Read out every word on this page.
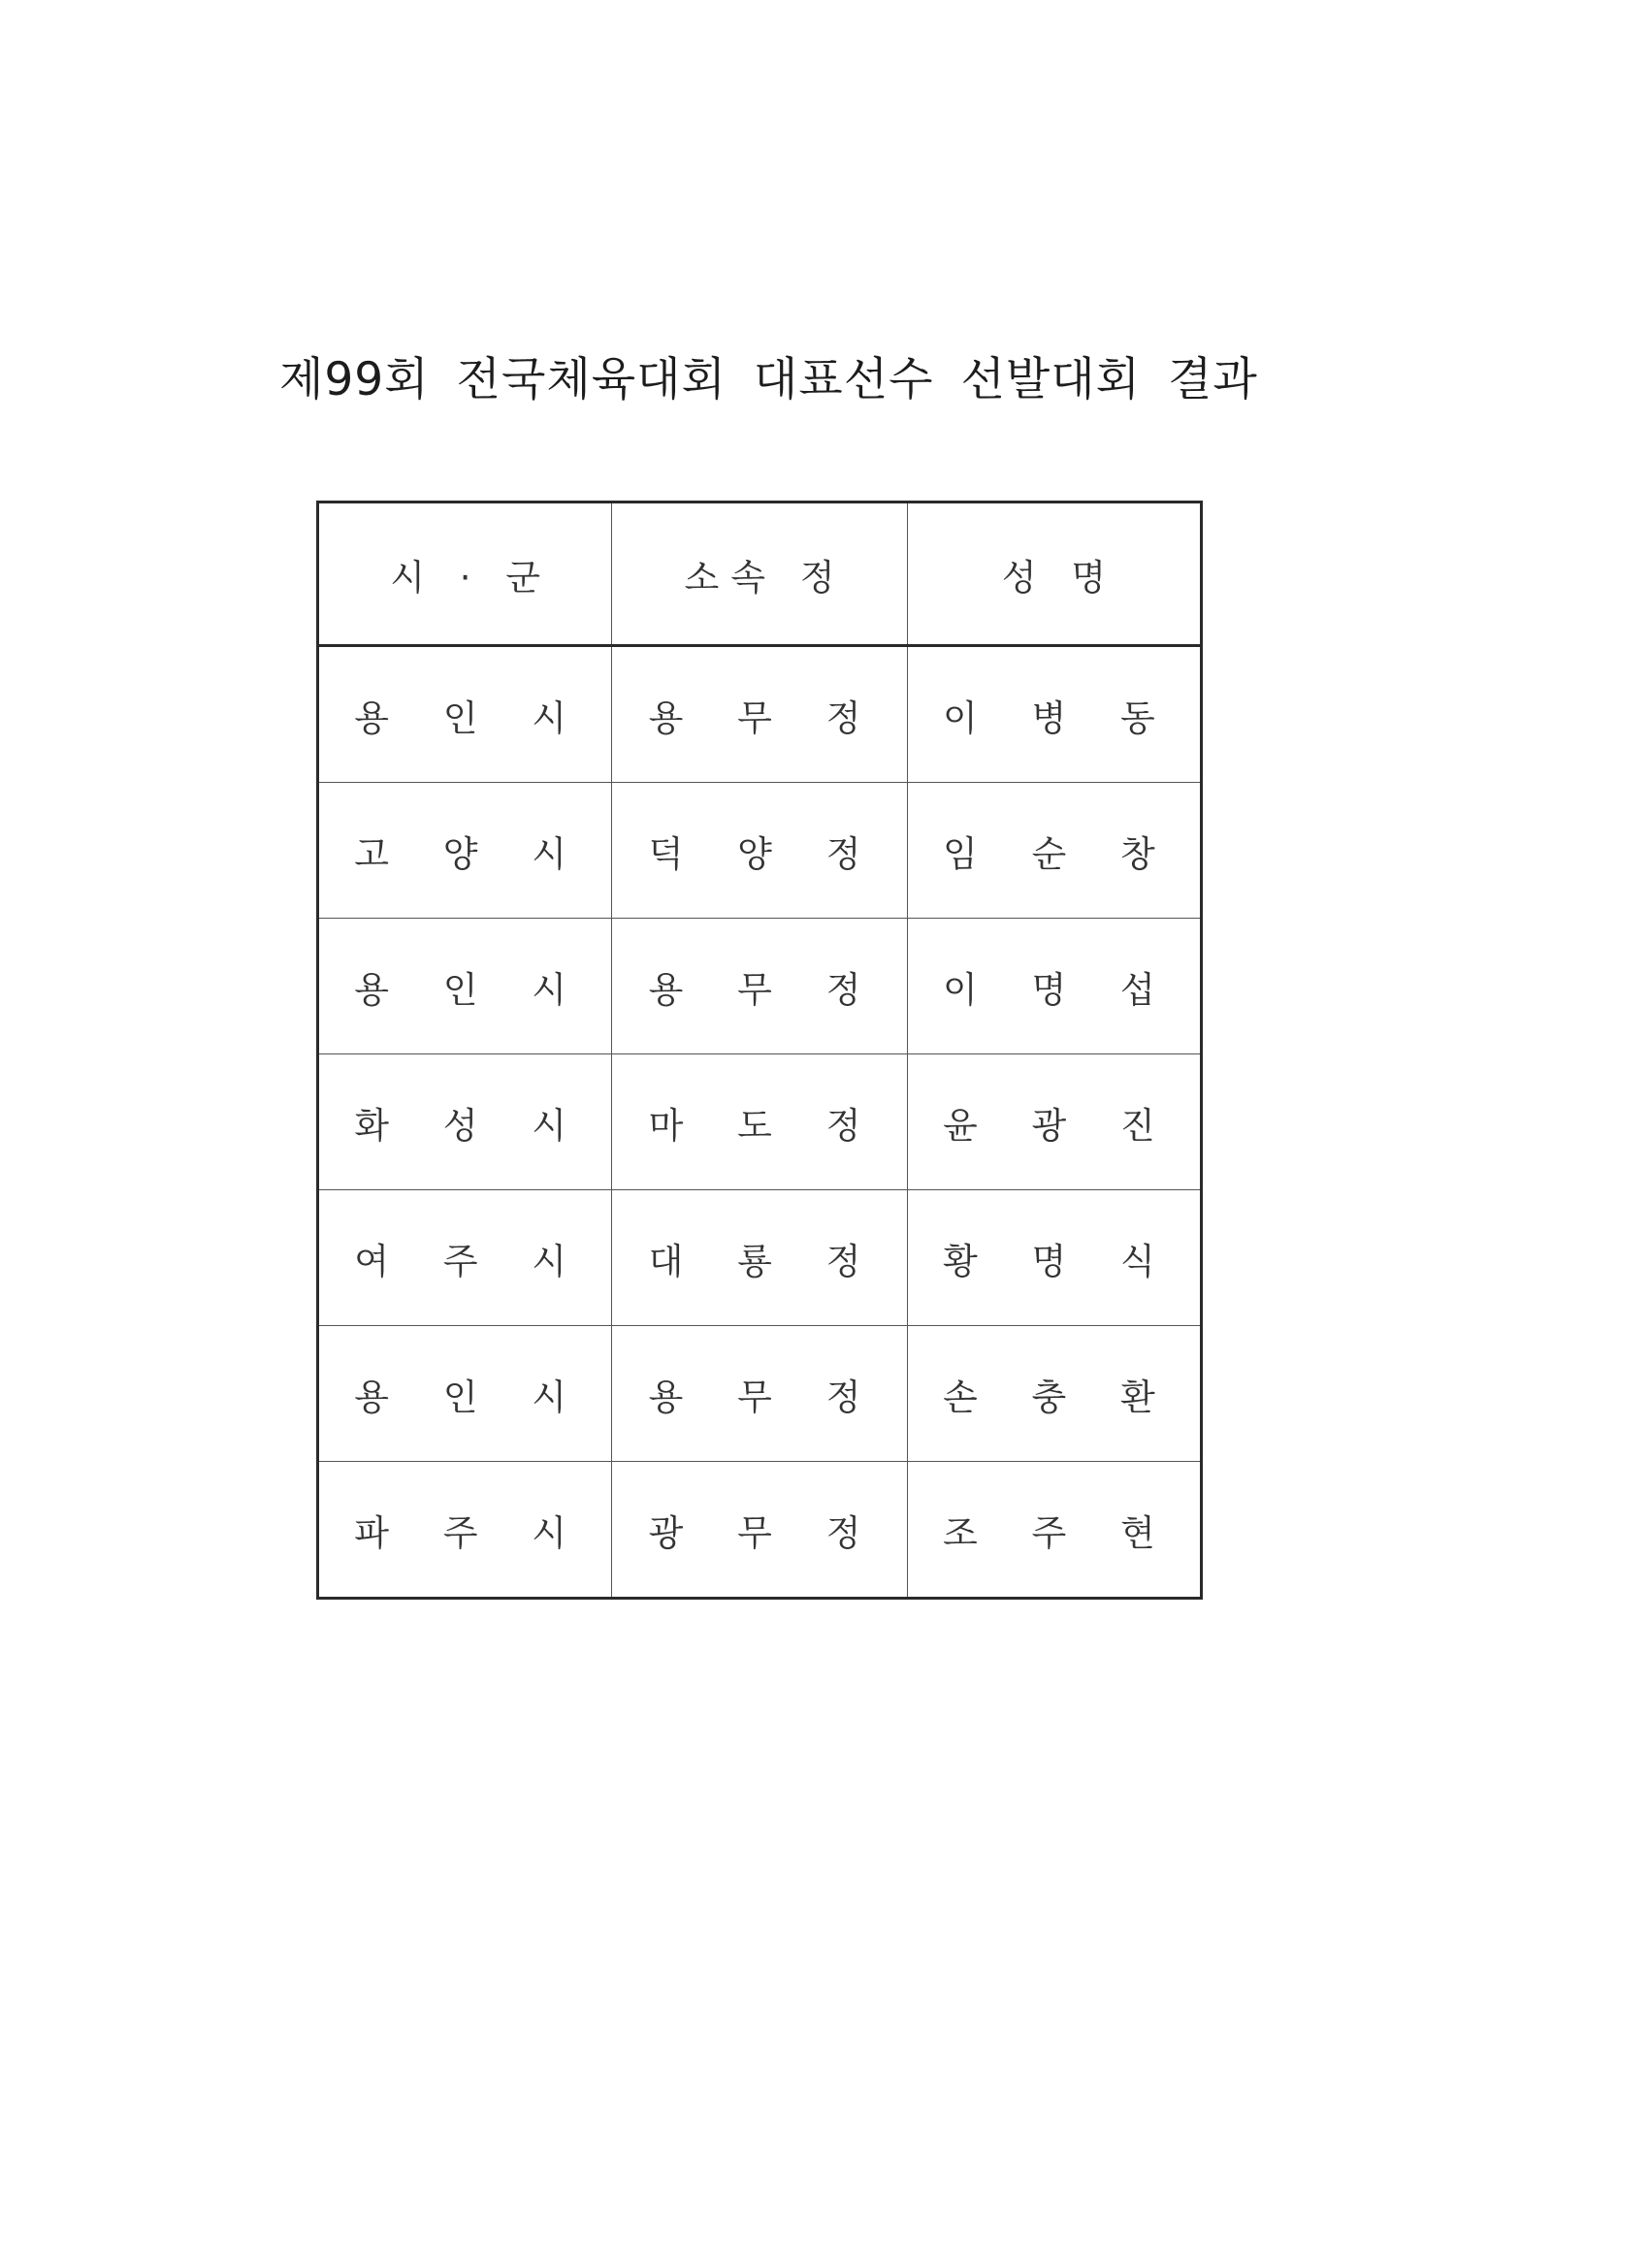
제99회 전국체육대회 대표선수 선발대회 결과
시 · 군	소속 정	성 명
용 인 시	용 무 정	이 병 동
고 양 시	덕 양 정	임 순 창
용 인 시	용 무 정	이 명 섭
화 성 시	마 도 정	윤 광 진
여 주 시	대 룡 정	황 명 식
용 인 시	용 무 정	손 충 환
파 주 시	광 무 정	조 주 현
